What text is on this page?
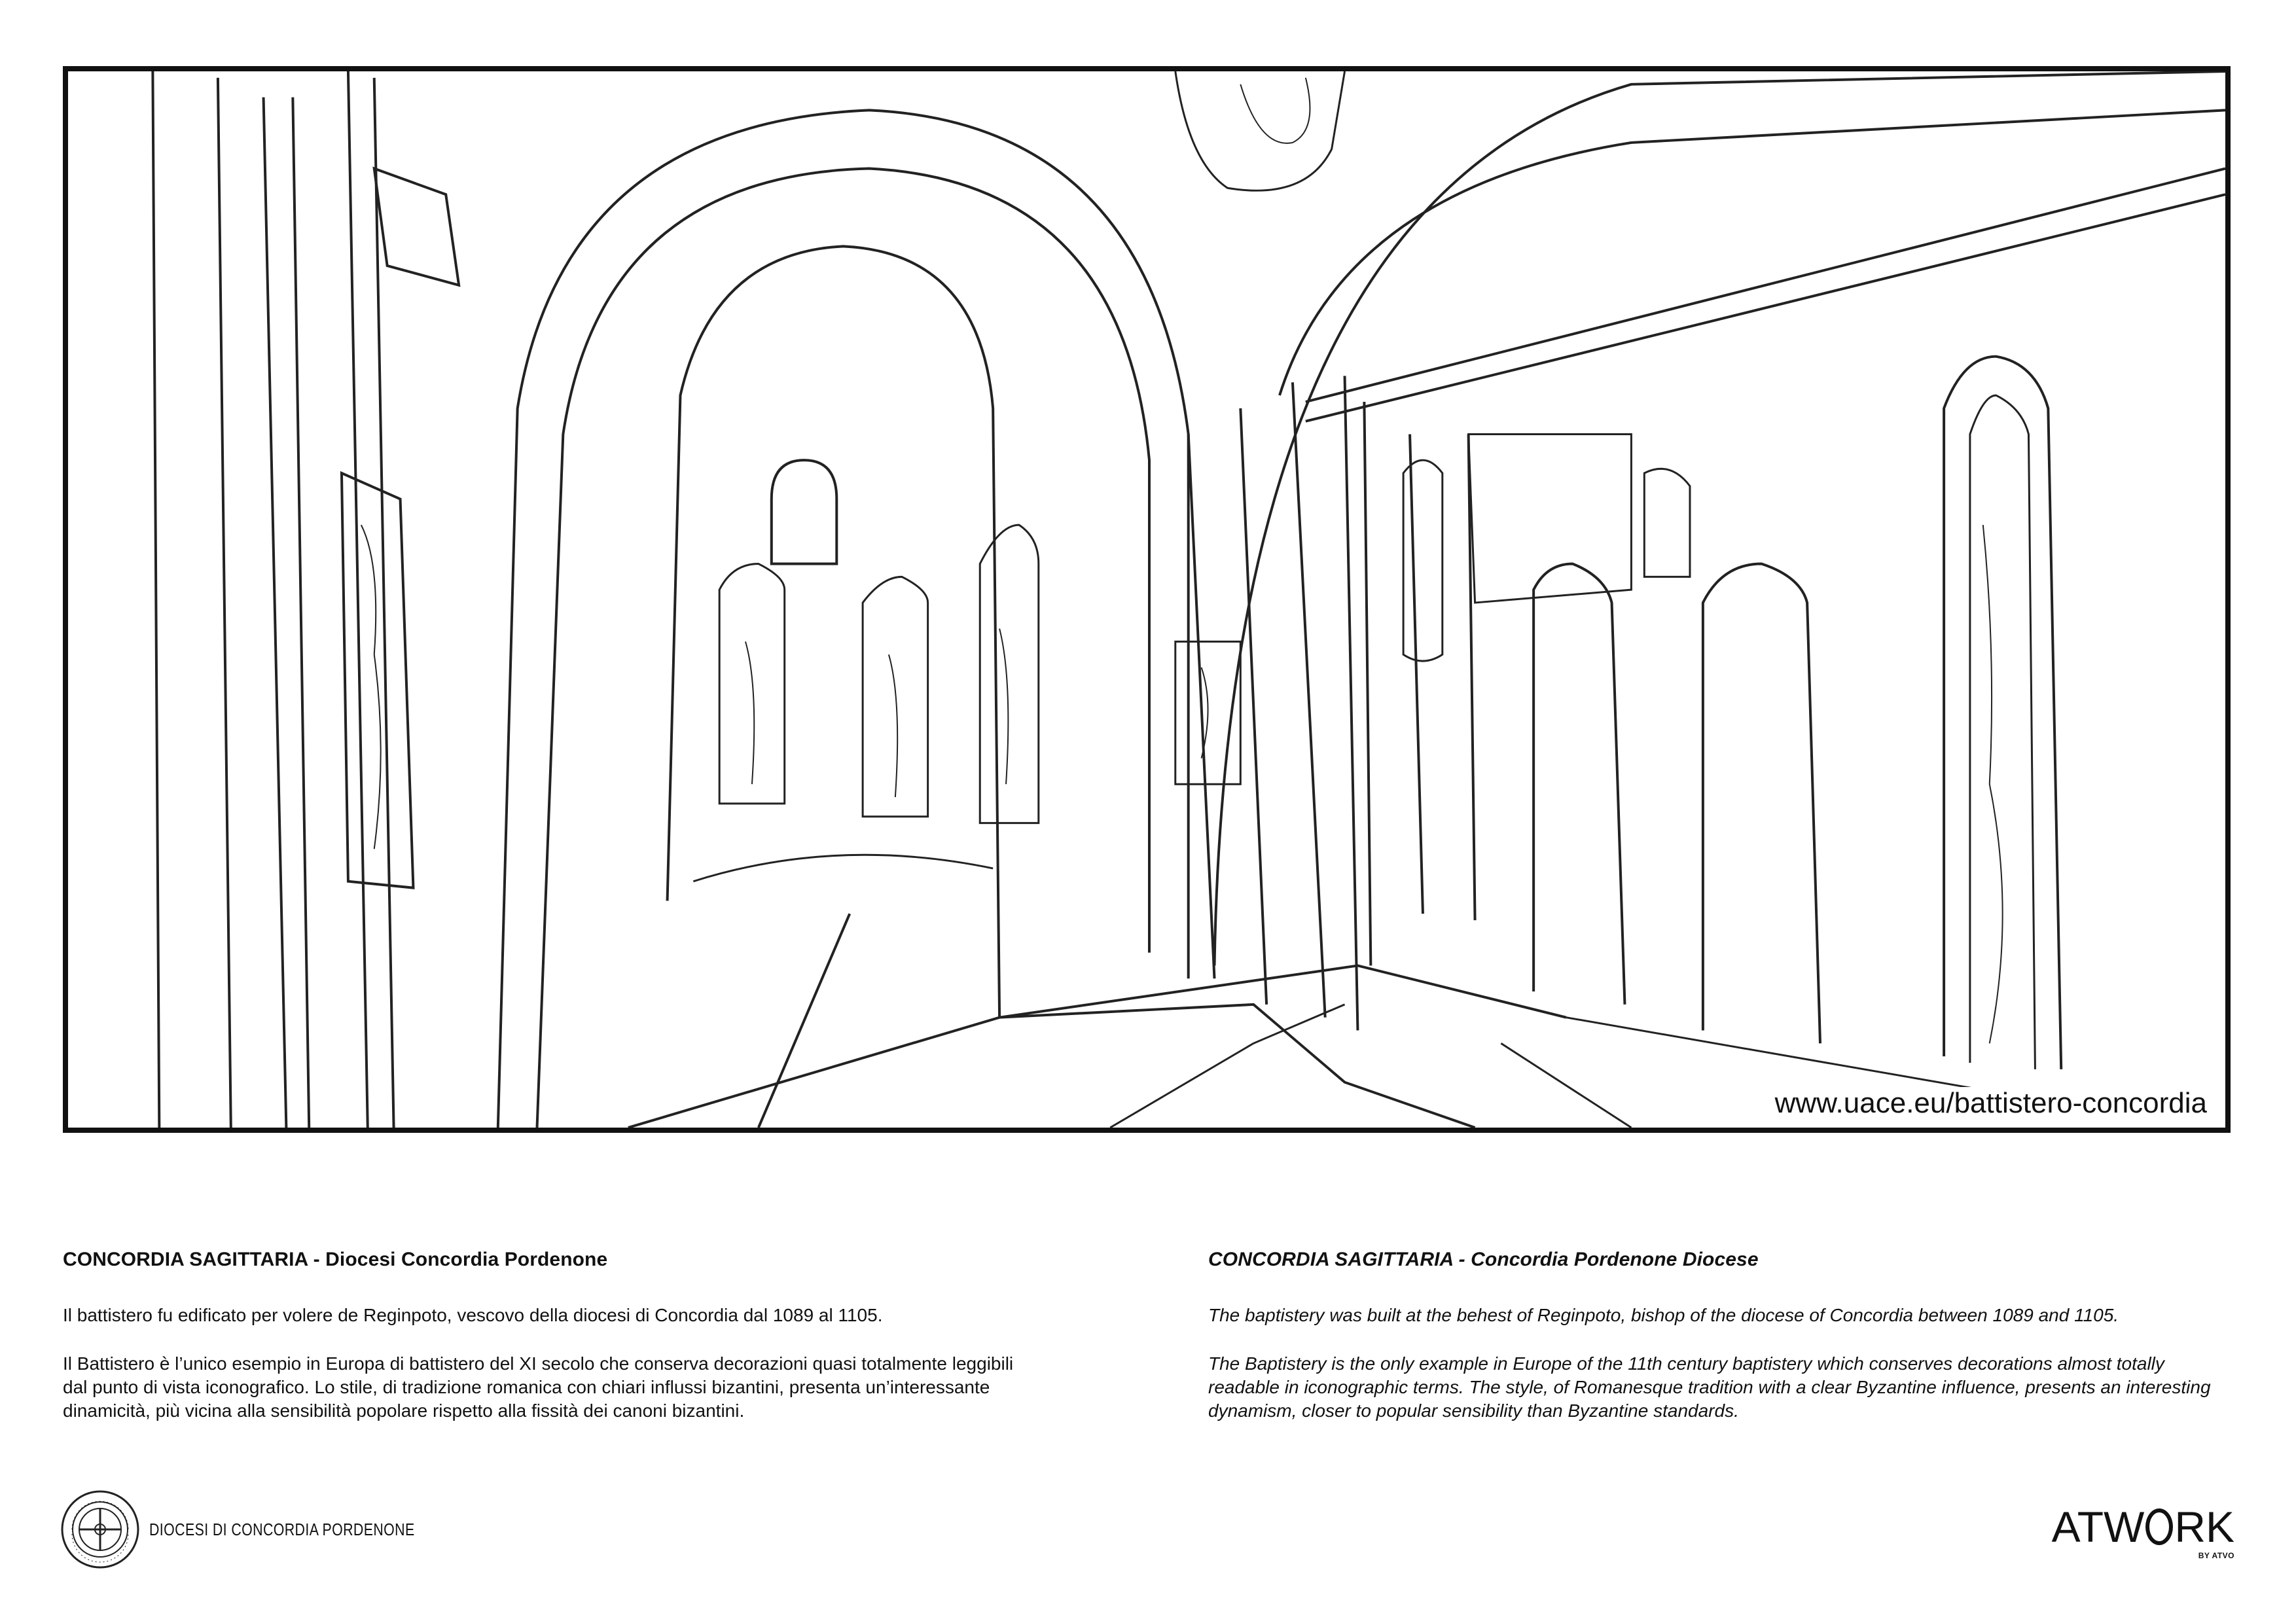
www.uace.eu/battistero-concordia
CONCORDIA SAGITTARIA - Diocesi Concordia Pordenone

Il battistero fu edificato per volere de Reginpoto, vescovo della diocesi di Concordia dal 1089 al 1105.

Il Battistero è l’unico esempio in Europa di battistero del XI secolo che conserva decorazioni quasi totalmente leggibili
dal punto di vista iconografico. Lo stile, di tradizione romanica con chiari influssi bizantini, presenta un’interessante
dinamicità, più vicina alla sensibilità popolare rispetto alla fissità dei canoni bizantini.

CONCORDIA SAGITTARIA - Concordia Pordenone Diocese

The baptistery was built at the behest of Reginpoto, bishop of the diocese of Concordia between 1089 and 1105.

The Baptistery is the only example in Europe of the 11th century baptistery which conserves decorations almost totally
readable in iconographic terms. The style, of Romanesque tradition with a clear Byzantine influence, presents an interesting
dynamism, closer to popular sensibility than Byzantine standards.

DIOCESI DI CONCORDIA PORDENONE	ATW RK
BY ATVO
